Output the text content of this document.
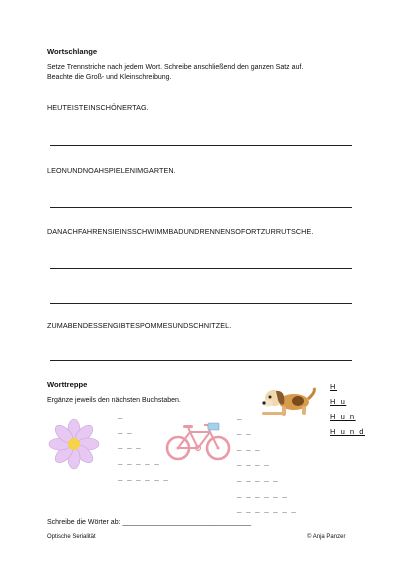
Wortschlange
Setze Trennstriche nach jedem Wort. Schreibe anschließend den ganzen Satz auf.
Beachte die Groß- und Kleinschreibung.
HEUTEISTEINSCHÖNERTAG.
LEONUNDNOAHSPIELENIMGARTEN.
DANACHFAHRENSIEINSSCHWIMMBADUNDRENNENSOFORTZURRUTSCHE.
ZUMABENDESSENGIBTESPOMMESUNDSCHNITZEL.
Worttreppe
Ergänze jeweils den nächsten Buchstaben.
H
H u
H u n
H u n d
_
_ _
_ _ _
_ _ _ _ _
_ _ _ _ _ _
_
_ _
_ _ _
_ _ _ _
_ _ _ _ _
_ _ _ _ _ _
_ _ _ _ _ _ _
Schreibe die Wörter ab: _________________________________
Optische Serialität	© Anja Panzer
